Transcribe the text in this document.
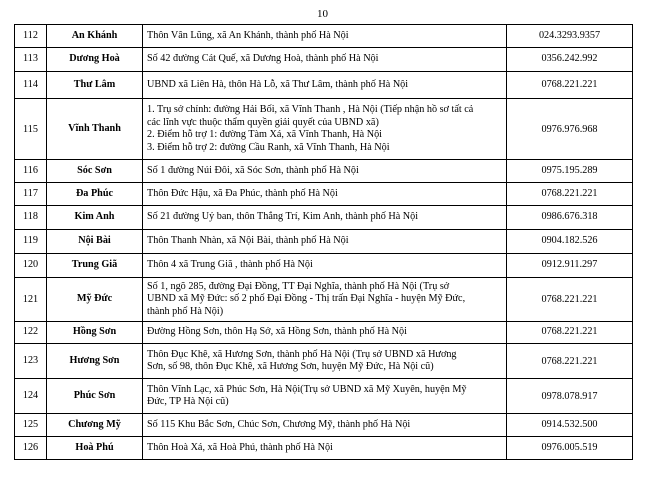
10
112	An Khánh	Thôn Vân Lũng, xã An Khánh, thành phố Hà Nội	024.3293.9357
113	Dương Hoà	Số 42 đường Cát Quế, xã Dương Hoà, thành phố Hà Nội	0356.242.992
114	Thư Lâm	UBND xã Liên Hà, thôn Hà Lỗ, xã Thư Lâm, thành phố Hà Nội	0768.221.221
115	Vĩnh Thanh	1. Trụ sở chính: đường Hải Bối, xã Vĩnh Thanh , Hà Nội (Tiếp nhận hồ sơ tất cả
các lĩnh vực thuộc thẩm quyền giải quyết của UBND xã)
2. Điểm hỗ trợ 1: đường Tàm Xá, xã Vĩnh Thanh, Hà Nội
3. Điểm hỗ trợ 2: đường Cầu Ranh, xã Vĩnh Thanh, Hà Nội	0976.976.968
116	Sóc Sơn	Số 1 đường Núi Đôi, xã Sóc Sơn, thành phố Hà Nội	0975.195.289
117	Đa Phúc	Thôn Đức Hậu, xã Đa Phúc, thành phố Hà Nội	0768.221.221
118	Kim Anh	Số 21 đường Uỷ ban, thôn Thắng Trí, Kim Anh, thành phố Hà Nội	0986.676.318
119	Nội Bài	Thôn Thanh Nhàn, xã Nội Bài, thành phố Hà Nội	0904.182.526
120	Trung Giã	Thôn 4 xã Trung Giã , thành phố Hà Nội	0912.911.297
121	Mỹ Đức	Số 1, ngõ 285, đường Đại Đồng, TT Đại Nghĩa, thành phố Hà Nội (Trụ sở
UBND xã Mỹ Đức: số 2 phố Đại Đồng - Thị trấn Đại Nghĩa - huyện Mỹ Đức,
thành phố Hà Nội)	0768.221.221
122	Hồng Sơn	Đường Hồng Sơn, thôn Hạ Sở, xã Hồng Sơn, thành phố Hà Nội	0768.221.221
123	Hương Sơn	Thôn Đục Khê, xã Hương Sơn, thành phố Hà Nội (Trụ sở UBND xã Hương
Sơn, số 98, thôn Đục Khê, xã Hương Sơn, huyện Mỹ Đức, Hà Nội cũ)	0768.221.221
124	Phúc Sơn	Thôn Vĩnh Lạc, xã Phúc Sơn, Hà Nội(Trụ sở UBND xã Mỹ Xuyên, huyện Mỹ
Đức, TP Hà Nội cũ)	0978.078.917
125	Chương Mỹ	Số 115 Khu Bắc Sơn, Chúc Sơn, Chương Mỹ, thành phố Hà Nội	0914.532.500
126	Hoà Phú	Thôn Hoà Xá, xã Hoà Phú, thành phố Hà Nội	0976.005.519
